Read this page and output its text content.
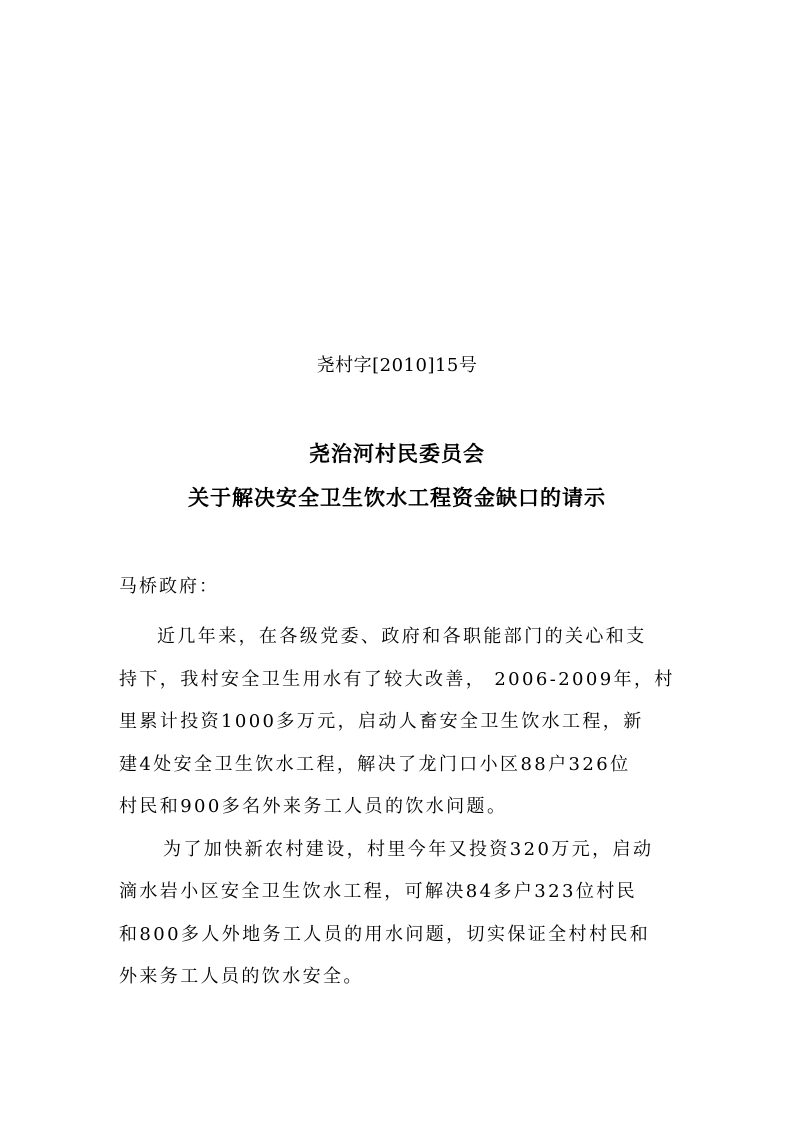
尧村字[2010]15号
尧治河村民委员会
关于解决安全卫生饮水工程资金缺口的请示
马桥政府：
近几年来，在各级党委、政府和各职能部门的关心和支
持下，我村安全卫生用水有了较大改善， 2006-2009年，村
里累计投资1000多万元，启动人畜安全卫生饮水工程，新
建4处安全卫生饮水工程，解决了龙门口小区88户326位
村民和900多名外来务工人员的饮水问题。
为了加快新农村建设，村里今年又投资320万元，启动
滴水岩小区安全卫生饮水工程，可解决84多户323位村民
和800多人外地务工人员的用水问题，切实保证全村村民和
外来务工人员的饮水安全。
